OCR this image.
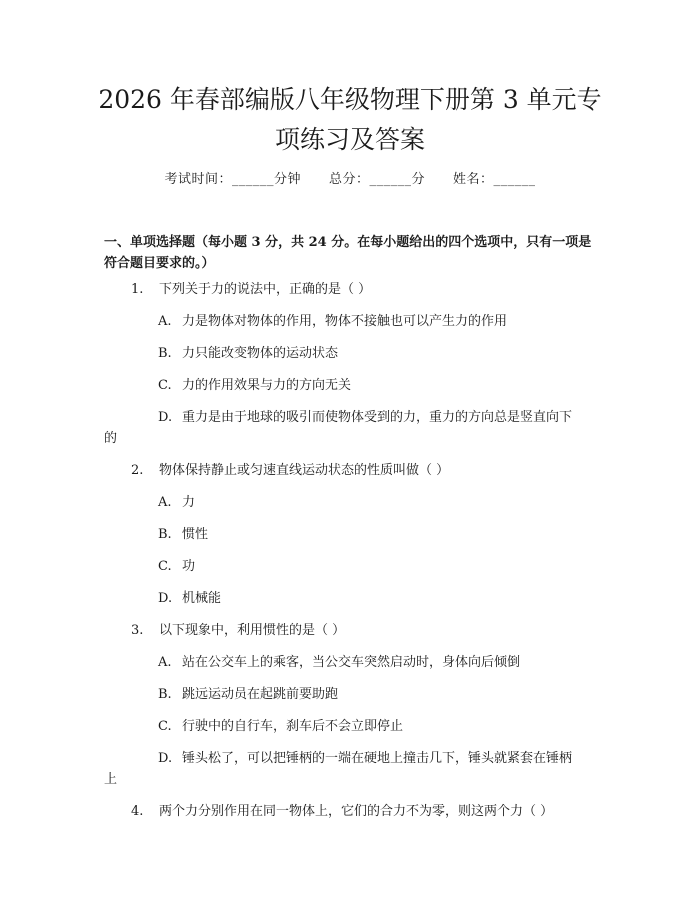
2026 年春部编版八年级物理下册第 3 单元专
项练习及答案
考试时间：______分钟 总分：______分 姓名：______

一、单项选择题（每小题 3 分，共 24 分。在每小题给出的四个选项中，只有一项是符合题目要求的。）

1. 下列关于力的说法中，正确的是（ ）
A. 力是物体对物体的作用，物体不接触也可以产生力的作用
B. 力只能改变物体的运动状态
C. 力的作用效果与力的方向无关
D. 重力是由于地球的吸引而使物体受到的力，重力的方向总是竖直向下
的
2. 物体保持静止或匀速直线运动状态的性质叫做（ ）
A. 力
B. 惯性
C. 功
D. 机械能
3. 以下现象中，利用惯性的是（ ）
A. 站在公交车上的乘客，当公交车突然启动时，身体向后倾倒
B. 跳远运动员在起跳前要助跑
C. 行驶中的自行车，刹车后不会立即停止
D. 锤头松了，可以把锤柄的一端在硬地上撞击几下，锤头就紧套在锤柄
上
4. 两个力分别作用在同一物体上，它们的合力不为零，则这两个力（ ）
